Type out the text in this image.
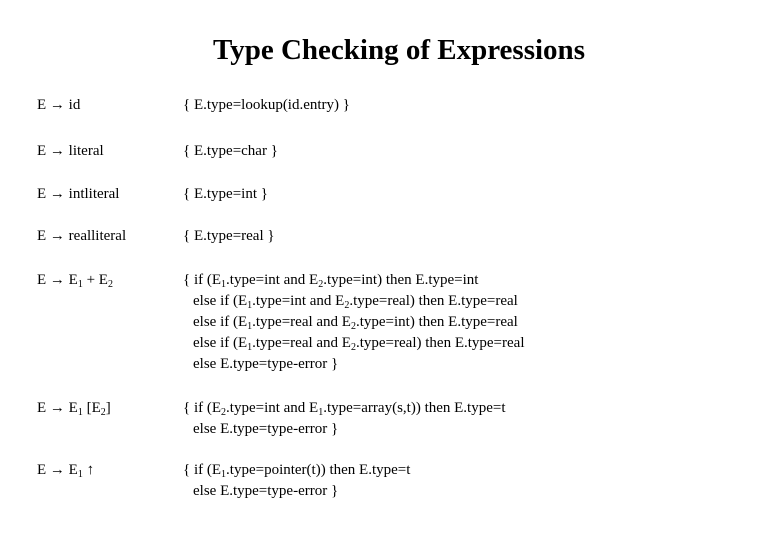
Type Checking of Expressions
E → id	{ E.type=lookup(id.entry) }
E → literal	{ E.type=char }
E → intliteral	{ E.type=int }
E → realliteral	{ E.type=real }
$E \to E_1 + E_2$	{ if ($E_1.type=int$ and $E_2.type=int$) then E.type=int
else if ($E_1.type=int$ and $E_2.type=real$) then E.type=real
else if ($E_1.type=real$ and $E_2.type=int$) then E.type=real
else if ($E_1.type=real$ and $E_2.type=real$) then E.type=real
else E.type=type-error }
$E \to E_1$ $[E_2]$	{ if ($E_2.type=int$ and $E_1.type=array(s,t)$) then E.type=t
else E.type=type-error }
$E \to E_1$ ↑	{ if $(E_1.type=pointer(t))$ then E.type=t
else E.type=type-error }
